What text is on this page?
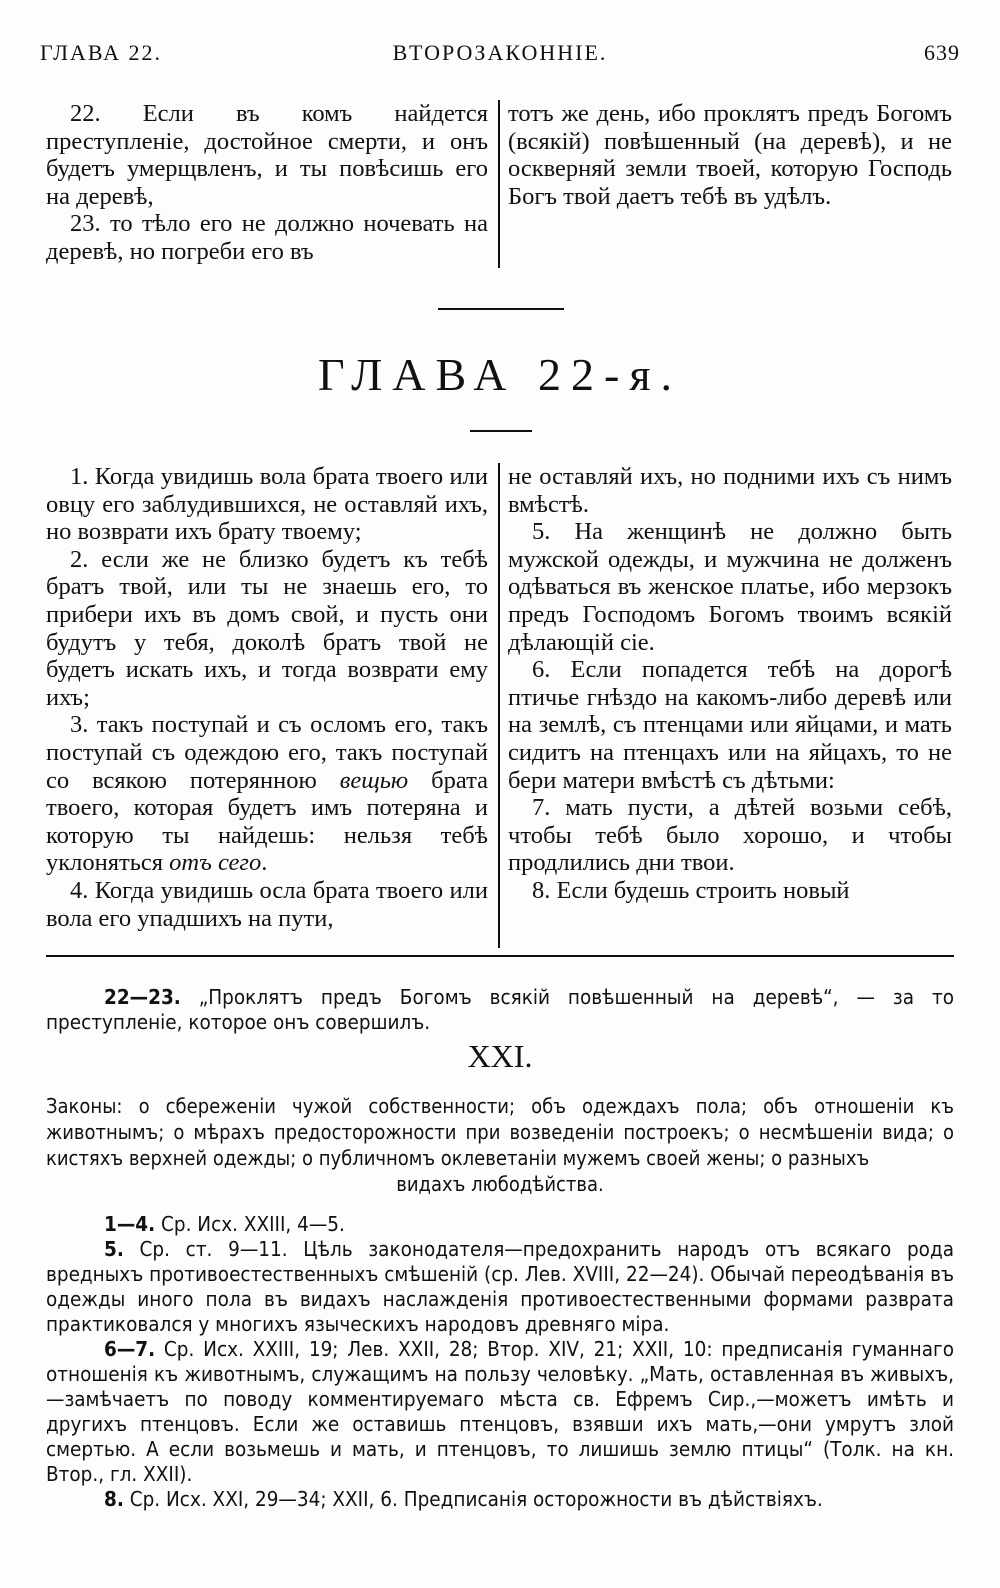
ГЛАВА 22.	ВТОРОЗАКОННІЕ.	639

22. Если въ комъ найдется преступленіе, достойное смерти, и онъ будетъ умерщвленъ, и ты повѣсишь его на деревѣ,

23. то тѣло его не должно ночевать на деревѣ, но погреби его въ

тотъ же день, ибо проклятъ предъ Богомъ (всякій) повѣшенный (на деревѣ), и не оскверняй земли твоей, которую Господь Богъ твой даетъ тебѣ въ удѣлъ.

ГЛАВА 22-я.

1. Когда увидишь вола брата твоего или овцу его заблудившихся, не оставляй ихъ, но возврати ихъ брату твоему;

2. если же не близко будетъ къ тебѣ братъ твой, или ты не знаешь его, то прибери ихъ въ домъ свой, и пусть они будутъ у тебя, доколѣ братъ твой не будетъ искать ихъ, и тогда возврати ему ихъ;

3. такъ поступай и съ осломъ его, такъ поступай съ одеждою его, такъ поступай со всякою потерянною вещью брата твоего, которая будетъ имъ потеряна и которую ты найдешь: нельзя тебѣ уклоняться отъ сего.

4. Когда увидишь осла брата твоего или вола его упадшихъ на пути,

не оставляй ихъ, но подними ихъ съ нимъ вмѣстѣ.

5. На женщинѣ не должно быть мужской одежды, и мужчина не долженъ одѣваться въ женское платье, ибо мерзокъ предъ Господомъ Богомъ твоимъ всякій дѣлающій сіе.

6. Если попадется тебѣ на дорогѣ птичье гнѣздо на какомъ-либо деревѣ или на землѣ, съ птенцами или яйцами, и мать сидитъ на птенцахъ или на яйцахъ, то не бери матери вмѣстѣ съ дѣтьми:

7. мать пусти, а дѣтей возьми себѣ, чтобы тебѣ было хорошо, и чтобы продлились дни твои.

8. Если будешь строить новый

22—23. „Проклятъ предъ Богомъ всякій повѣшенный на деревѣ“, — за то преступленіе, которое онъ совершилъ.

XXI.
Законы: о сбереженіи чужой собственности; объ одеждахъ пола; объ отношеніи къ животнымъ; о мѣрахъ предосторожности при возведеніи построекъ; о несмѣшеніи вида; о кистяхъ верхней одежды; о публичномъ оклеветаніи мужемъ своей жены; о разныхъ
видахъ любодѣйства.

1—4. Ср. Исх. XXIII, 4—5.

5. Ср. ст. 9—11. Цѣль законодателя—предохранить народъ отъ всякаго рода вредныхъ противоестественныхъ смѣшеній (ср. Лев. XVIII, 22—24). Обычай переодѣванія въ одежды иного пола въ видахъ наслажденія противоестественными формами разврата практиковался у многихъ языческихъ народовъ древняго міра.

6—7. Ср. Исх. XXIII, 19; Лев. XXII, 28; Втор. XIV, 21; XXII, 10: предписанія гуманнаго отношенія къ животнымъ, служащимъ на пользу человѣку. „Мать, оставленная въ живыхъ,—замѣчаетъ по поводу комментируемаго мѣста св. Ефремъ Сир.,—можетъ имѣть и другихъ птенцовъ. Если же оставишь птенцовъ, взявши ихъ мать,—они умрутъ злой смертью. А если возьмешь и мать, и птенцовъ, то лишишь землю птицы“ (Толк. на кн. Втор., гл. XXII).

8. Ср. Исх. XXI, 29—34; XXII, 6. Предписанія осторожности въ дѣйствіяхъ.
